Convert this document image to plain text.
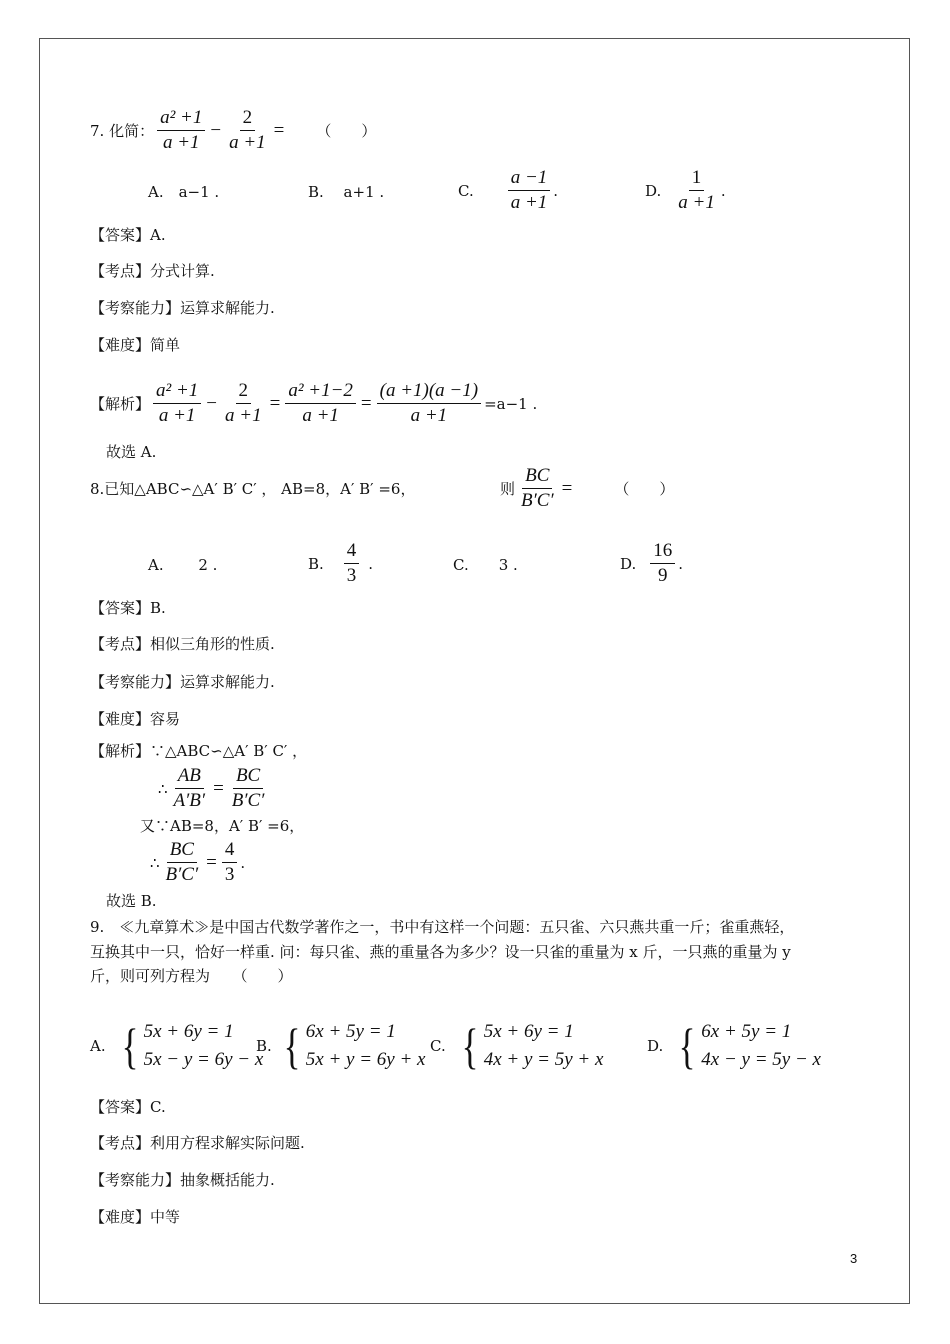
7. 化简： $\frac{\text{a² +1}}{a +1} - \frac{2}{a +1}$ = （　　）
A.　a−1 .	B.　 a+1 .	C. $\frac{a -1}{a +1}$ .	D. $\frac{1}{a +1}$ .
【答案】A.
【考点】分式计算.
【考察能力】运算求解能力.
【难度】简单
【解析】 $\frac{\text{a² +1}}{a +1} - \frac{2}{a +1} = \frac{\text{a² +1−2}}{a +1} = \frac{(a +1)(a -1)}{a +1} =a-1$ .
故选 A.
8.已知△ABC∽△A′ B′ C′ ， AB=8，A′ B′ =6，	则 $\frac{BC}{B'C'}$ =	（　　）
A.　　 2 .	B. $\frac{4}{3}$ .	C.　　3 .	D. $\frac{16}{9}$ .
【答案】B.
【考点】相似三角形的性质.
【考察能力】运算求解能力.
【难度】容易
【解析】∵△ABC∽△A′ B′ C′ ，
∴ $\frac{AB}{A'B'} = \frac{BC}{B'C'}$
又∵AB=8，A′ B′ =6，
∴ $\frac{BC}{B'C'} = \frac{4}{3}$ .
故选 B.
9.　≪九章算术≫是中国古代数学著作之一，书中有这样一个问题：五只雀、六只燕共重一斤；雀重燕轻，
互换其中一只，恰好一样重. 问：每只雀、燕的重量各为多少？设一只雀的重量为 x 斤，一只燕的重量为 y
斤，则可列方程为　　（　　）
A. { 5x + 6y = 1
5x − y = 6y − x
B. { 6x + 5y = 1
5x + y = 6y + x
C. { 5x + 6y = 1
4x + y = 5y + x
D. { 6x + 5y = 1
4x − y = 5y − x
【答案】C.
【考点】利用方程求解实际问题.
【考察能力】抽象概括能力.
【难度】中等
3
